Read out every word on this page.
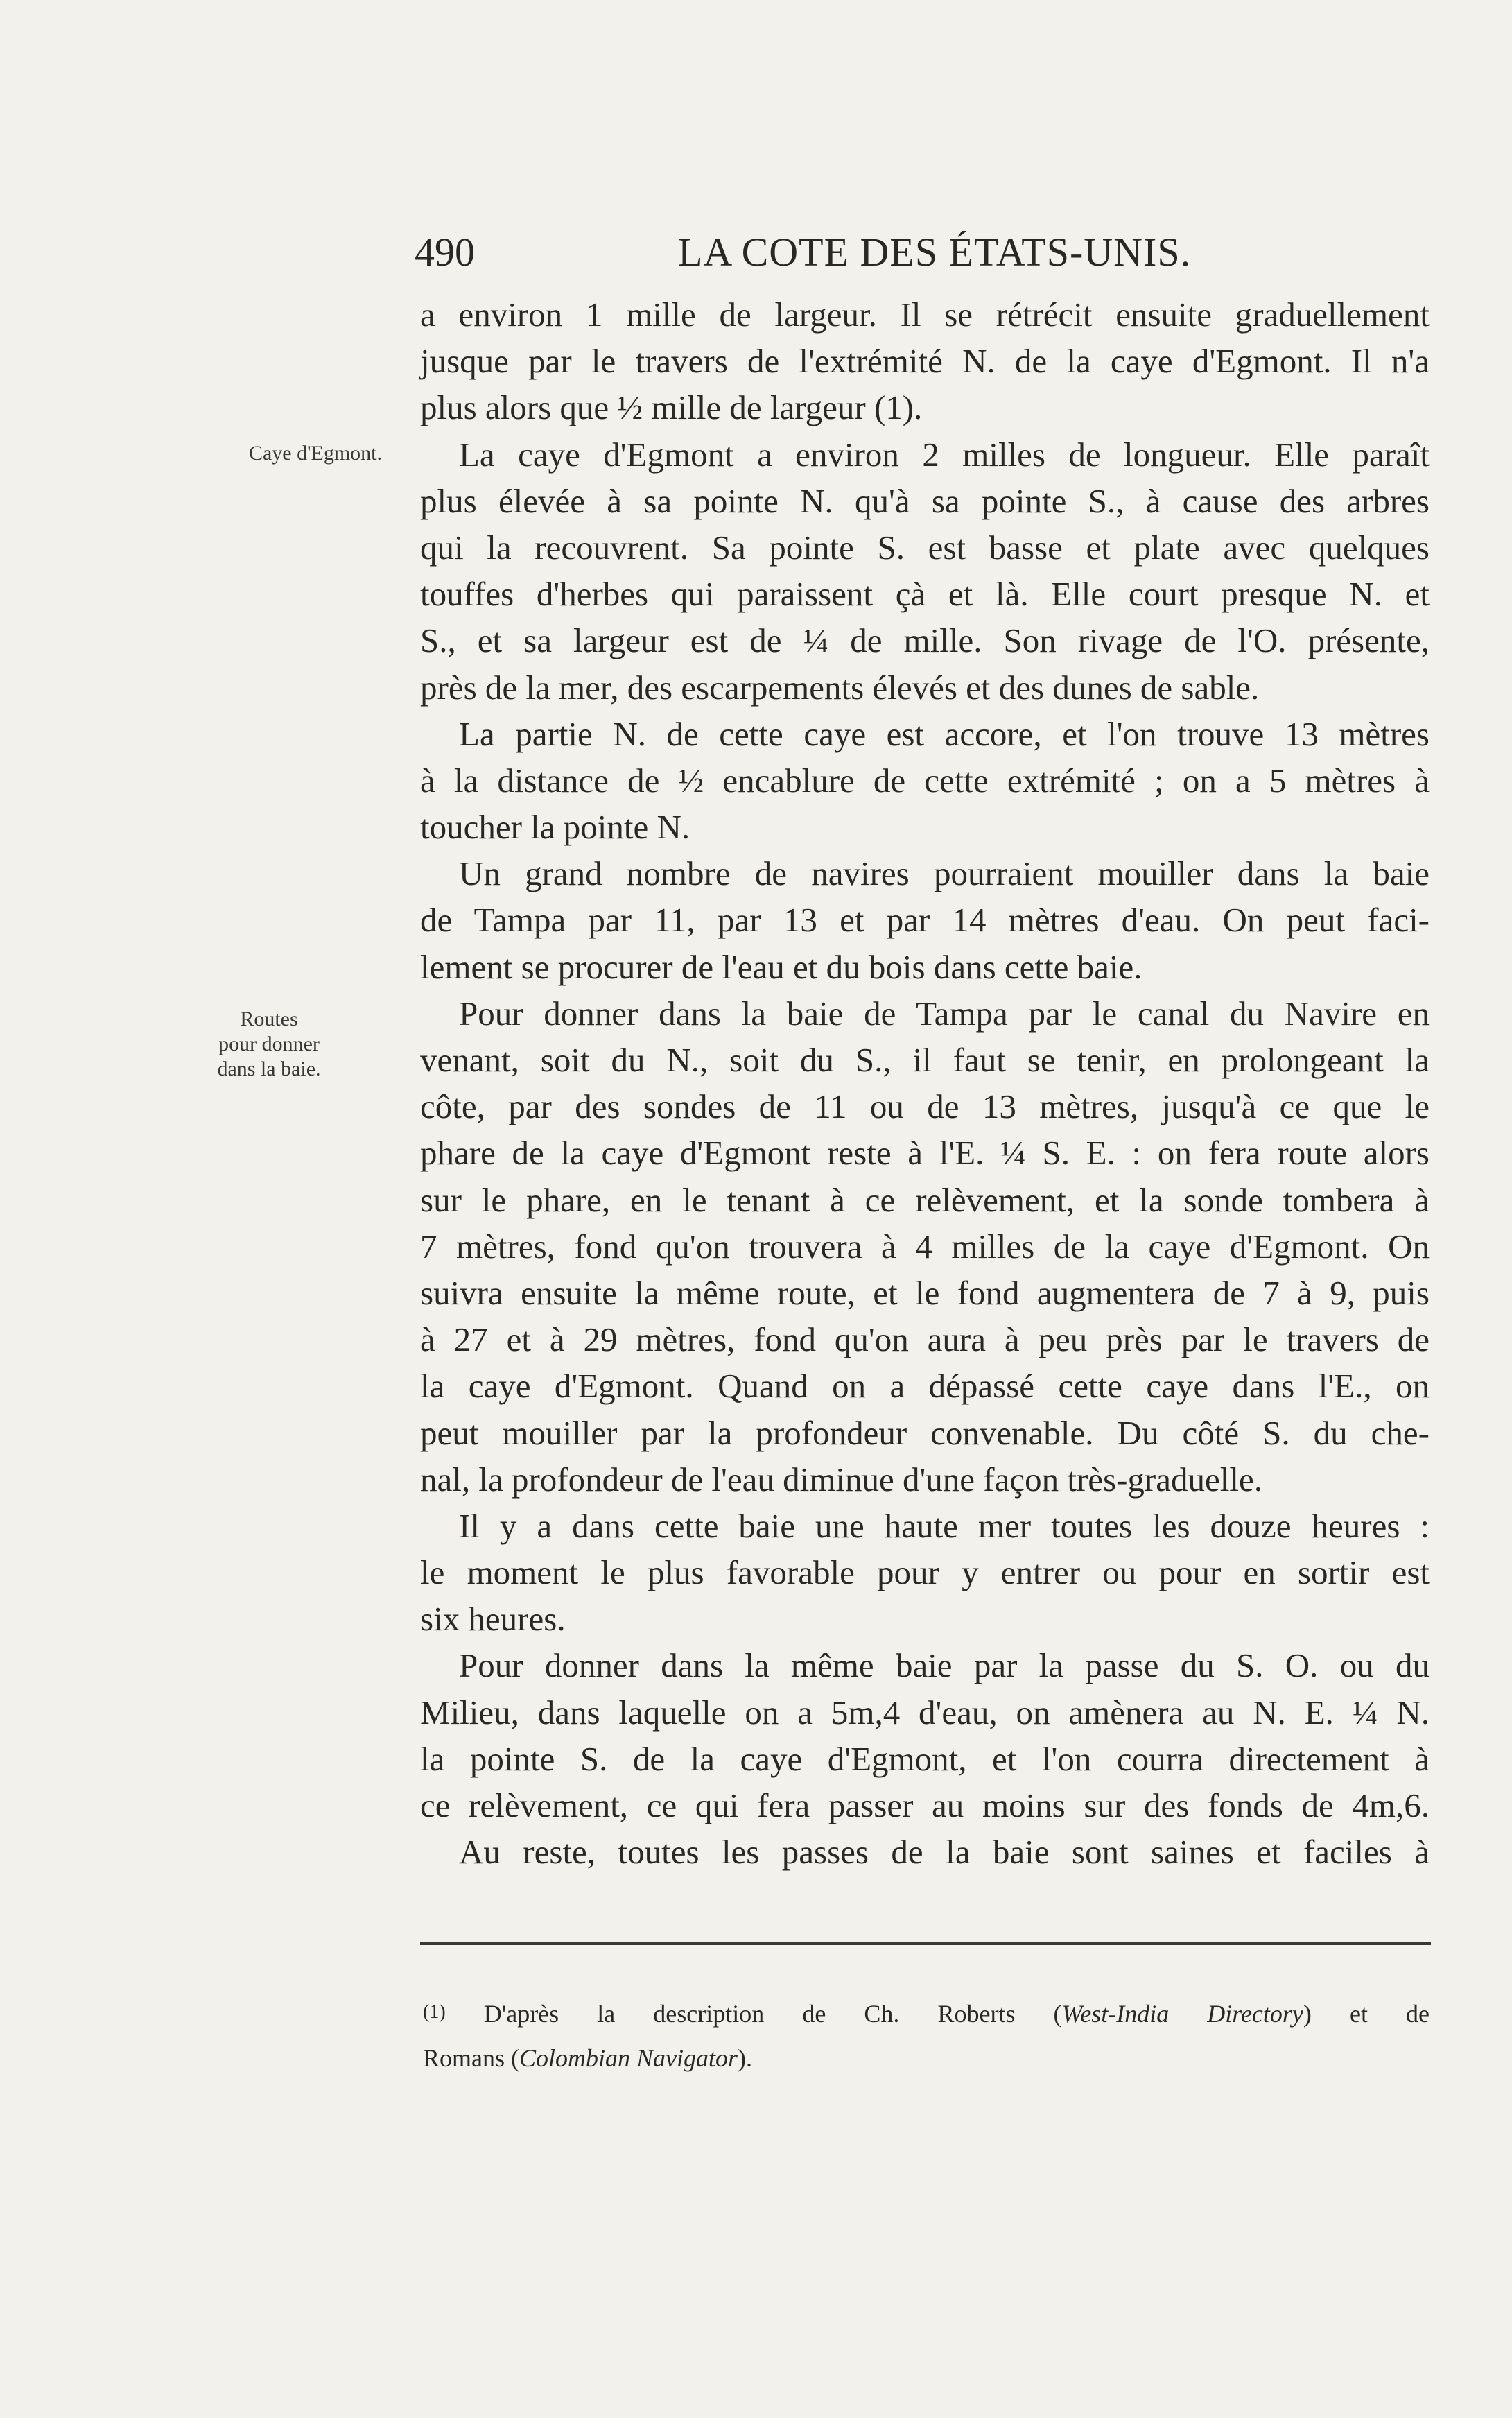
490	LA COTE DES ÉTATS-UNIS.
Caye d'Egmont.
Routes
pour donner
dans la baie.
a environ 1 mille de largeur. Il se rétrécit ensuite graduellement
jusque par le travers de l'extrémité N. de la caye d'Egmont. Il n'a
plus alors que ½ mille de largeur (1).
La caye d'Egmont a environ 2 milles de longueur. Elle paraît
plus élevée à sa pointe N. qu'à sa pointe S., à cause des arbres
qui la recouvrent. Sa pointe S. est basse et plate avec quelques
touffes d'herbes qui paraissent çà et là. Elle court presque N. et
S., et sa largeur est de ¼ de mille. Son rivage de l'O. présente,
près de la mer, des escarpements élevés et des dunes de sable.
La partie N. de cette caye est accore, et l'on trouve 13 mètres
à la distance de ½ encablure de cette extrémité ; on a 5 mètres à
toucher la pointe N.
Un grand nombre de navires pourraient mouiller dans la baie
de Tampa par 11, par 13 et par 14 mètres d'eau. On peut faci-
lement se procurer de l'eau et du bois dans cette baie.
Pour donner dans la baie de Tampa par le canal du Navire en
venant, soit du N., soit du S., il faut se tenir, en prolongeant la
côte, par des sondes de 11 ou de 13 mètres, jusqu'à ce que le
phare de la caye d'Egmont reste à l'E. ¼ S. E. : on fera route alors
sur le phare, en le tenant à ce relèvement, et la sonde tombera à
7 mètres, fond qu'on trouvera à 4 milles de la caye d'Egmont. On
suivra ensuite la même route, et le fond augmentera de 7 à 9, puis
à 27 et à 29 mètres, fond qu'on aura à peu près par le travers de
la caye d'Egmont. Quand on a dépassé cette caye dans l'E., on
peut mouiller par la profondeur convenable. Du côté S. du che-
nal, la profondeur de l'eau diminue d'une façon très-graduelle.
Il y a dans cette baie une haute mer toutes les douze heures :
le moment le plus favorable pour y entrer ou pour en sortir est
six heures.
Pour donner dans la même baie par la passe du S. O. ou du
Milieu, dans laquelle on a 5m,4 d'eau, on amènera au N. E. ¼ N.
la pointe S. de la caye d'Egmont, et l'on courra directement à
ce relèvement, ce qui fera passer au moins sur des fonds de 4m,6.
Au reste, toutes les passes de la baie sont saines et faciles à
(1) D'après la description de Ch. Roberts (West-India Directory) et de
Romans (Colombian Navigator).
